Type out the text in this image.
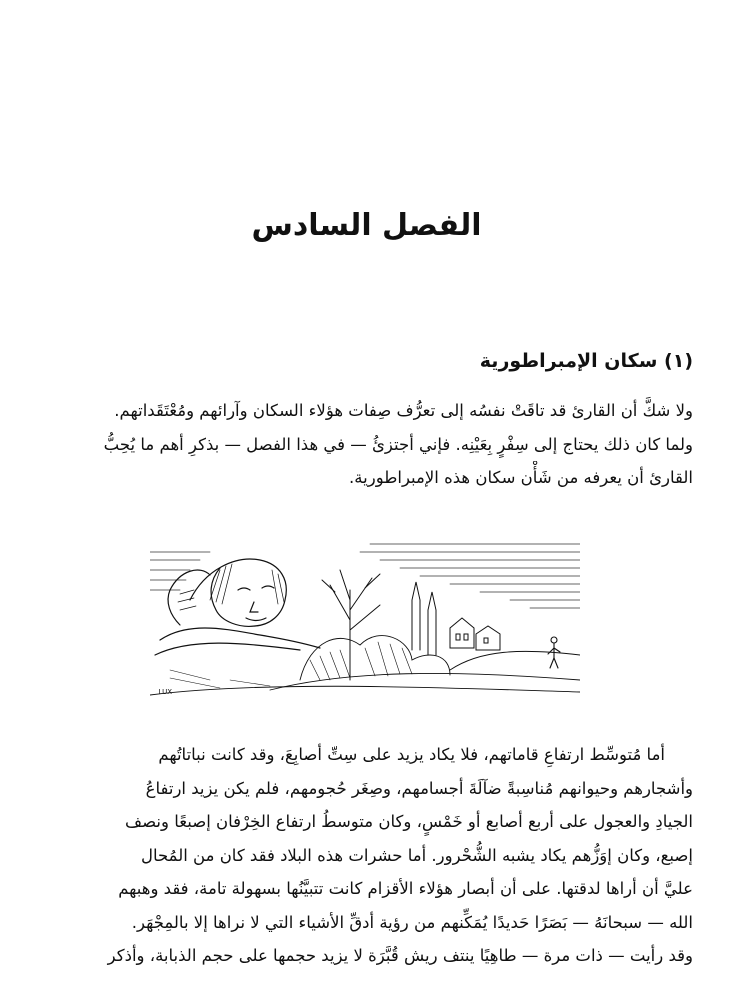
الفصل السادس
(١) سكان الإمبراطورية

ولا شكَّ أن القارئ قد تاقَتْ نفسُه إلى تعرُّف صِفات هؤلاء السكان وآرائهم ومُعْتَقَداتهم.
ولما كان ذلك يحتاج إلى سِفْرٍ بِعَيْنِه. فإني أجتزئُ — في هذا الفصل — بذكرِ أهم ما يُحِبُّ
القارئ أن يعرفه من شَأْن سكان هذه الإمبراطورية.

LUX

أما مُتوسِّط ارتفاعِ قاماتهم، فلا يكاد يزيد على سِتِّ أصابِعَ، وقد كانت نباتاتُهم
وأشجارهم وحيوانهم مُناسِبةً ضآلَةَ أجسامهم، وصِغَر حُجومهم، فلم يكن يزيد ارتفاعُ
الجيادِ والعجول على أربع أصابع أو خَمْسٍ، وكان متوسطُ ارتفاع الخِرْفان إصبعًا ونصف
إصبع، وكان إوَزُّهم يكاد يشبه الشُّحْرور. أما حشرات هذه البلاد فقد كان من المُحال
عليَّ أن أراها لدقتها. على أن أبصار هؤلاء الأقزام كانت تتبيَّنُها بسهولة تامة، فقد وهبهم
الله — سبحانَهُ — بَصَرًا حَديدًا يُمَكِّنهم من رؤية أدقِّ الأشياء التي لا نراها إلا بالمِجْهَر.
وقد رأيت — ذات مرة — طاهِيًا ينتف ريش قُبَّرَة لا يزيد حجمها على حجم الذبابة، وأذكر
